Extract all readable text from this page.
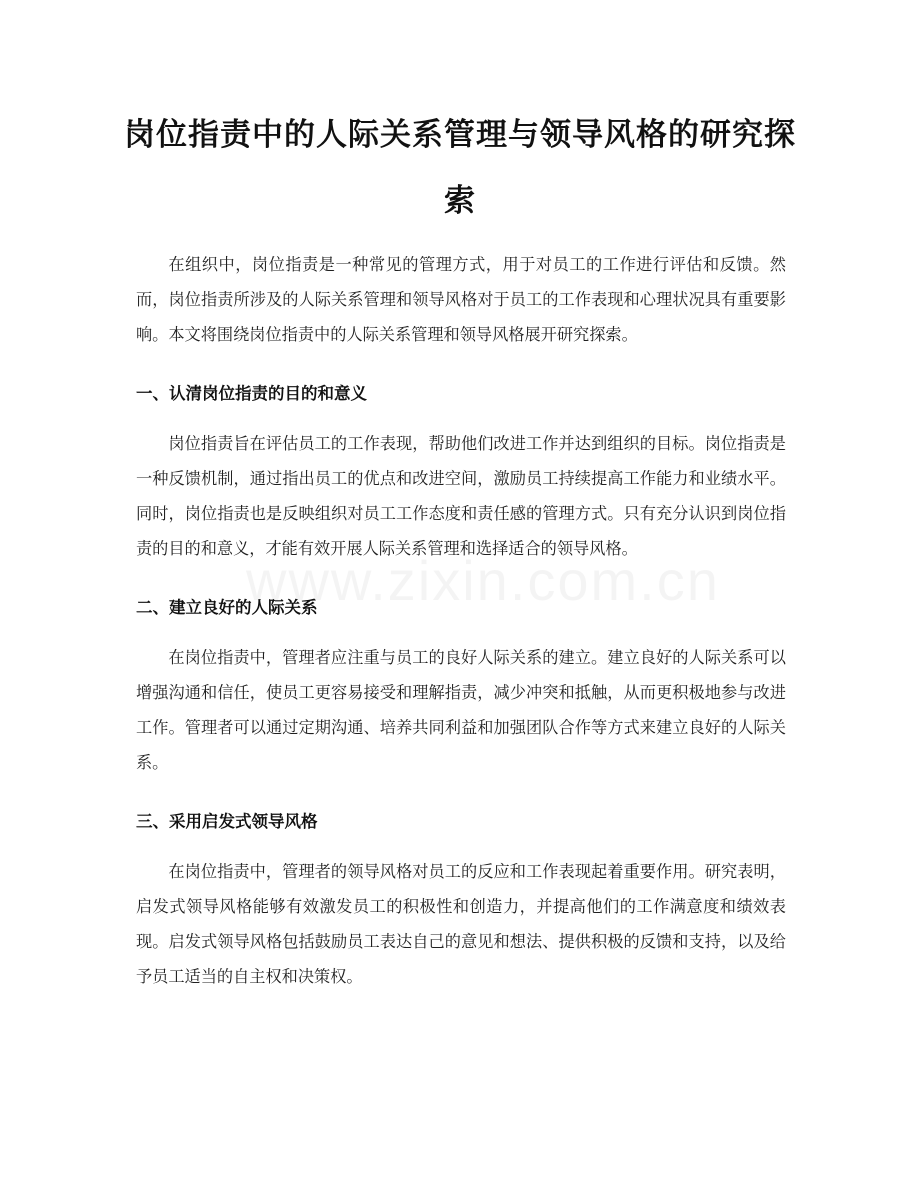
岗位指责中的人际关系管理与领导风格的研究探索

在组织中，岗位指责是一种常见的管理方式，用于对员工的工作进行评估和反馈。然而，岗位指责所涉及的人际关系管理和领导风格对于员工的工作表现和心理状况具有重要影响。本文将围绕岗位指责中的人际关系管理和领导风格展开研究探索。

一、认清岗位指责的目的和意义

岗位指责旨在评估员工的工作表现，帮助他们改进工作并达到组织的目标。岗位指责是一种反馈机制，通过指出员工的优点和改进空间，激励员工持续提高工作能力和业绩水平。同时，岗位指责也是反映组织对员工工作态度和责任感的管理方式。只有充分认识到岗位指责的目的和意义，才能有效开展人际关系管理和选择适合的领导风格。

二、建立良好的人际关系

在岗位指责中，管理者应注重与员工的良好人际关系的建立。建立良好的人际关系可以增强沟通和信任，使员工更容易接受和理解指责，减少冲突和抵触，从而更积极地参与改进工作。管理者可以通过定期沟通、培养共同利益和加强团队合作等方式来建立良好的人际关系。

三、采用启发式领导风格

在岗位指责中，管理者的领导风格对员工的反应和工作表现起着重要作用。研究表明，启发式领导风格能够有效激发员工的积极性和创造力，并提高他们的工作满意度和绩效表现。启发式领导风格包括鼓励员工表达自己的意见和想法、提供积极的反馈和支持，以及给予员工适当的自主权和决策权。
